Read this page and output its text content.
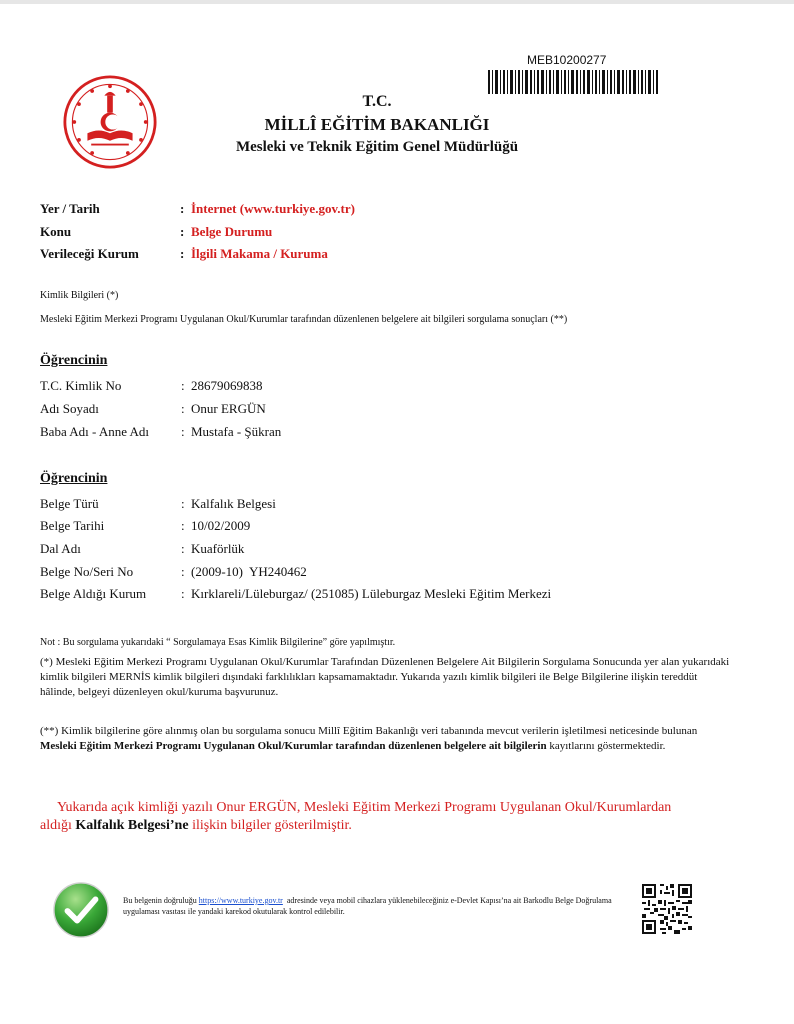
MEB10200277
T.C.
MİLLÎ EĞİTİM BAKANLIĞI
Mesleki ve Teknik Eğitim Genel Müdürlüğü
Yer / Tarih	: İnternet (www.turkiye.gov.tr)
Konu	: Belge Durumu
Verileceği Kurum	: İlgili Makama / Kuruma
Kimlik Bilgileri (*)
Mesleki Eğitim Merkezi Programı Uygulanan Okul/Kurumlar tarafından düzenlenen belgelere ait bilgileri sorgulama sonuçları (**)
Öğrencinin
T.C. Kimlik No	: 28679069838
Adı Soyadı	: Onur ERGÜN
Baba Adı - Anne Adı : Mustafa - Şükran
Öğrencinin
Belge Türü	: Kalfalık Belgesi
Belge Tarihi	: 10/02/2009
Dal Adı	: Kuaförlük
Belge No/Seri No	: (2009-10)  YH240462
Belge Aldığı Kurum	: Kırklareli/Lüleburgaz/ (251085) Lüleburgaz Mesleki Eğitim Merkezi
Not : Bu sorgulama yukarıdaki “ Sorgulamaya Esas Kimlik Bilgilerine” göre yapılmıştır.
(*) Mesleki Eğitim Merkezi Programı Uygulanan Okul/Kurumlar Tarafından Düzenlenen Belgelere Ait Bilgilerin Sorgulama Sonucunda yer alan yukarıdaki kimlik bilgileri MERNİS kimlik bilgileri dışındaki farklılıkları kapsamamaktadır. Yukarıda yazılı kimlik bilgileri ile Belge Bilgilerine ilişkin tereddüt hâlinde, belgeyi düzenleyen okul/kuruma başvurunuz.
(**) Kimlik bilgilerine göre alınmış olan bu sorgulama sonucu Millî Eğitim Bakanlığı veri tabanında mevcut verilerin işletilmesi neticesinde bulunan Mesleki Eğitim Merkezi Programı Uygulanan Okul/Kurumlar tarafından düzenlenen belgelere ait bilgilerin kayıtlarını göstermektedir.
Yukarıda açık kimliği yazılı Onur ERGÜN, Mesleki Eğitim Merkezi Programı Uygulanan Okul/Kurumlardan aldığı Kalfalık Belgesi’ne ilişkin bilgiler gösterilmiştir.
Bu belgenin doğruluğu https://www.turkiye.gov.tr  adresinde veya mobil cihazlara yüklenebileceğiniz e-Devlet Kapısı’na ait Barkodlu Belge Doğrulama uygulaması vasıtası ile yandaki karekod okutularak kontrol edilebilir.
